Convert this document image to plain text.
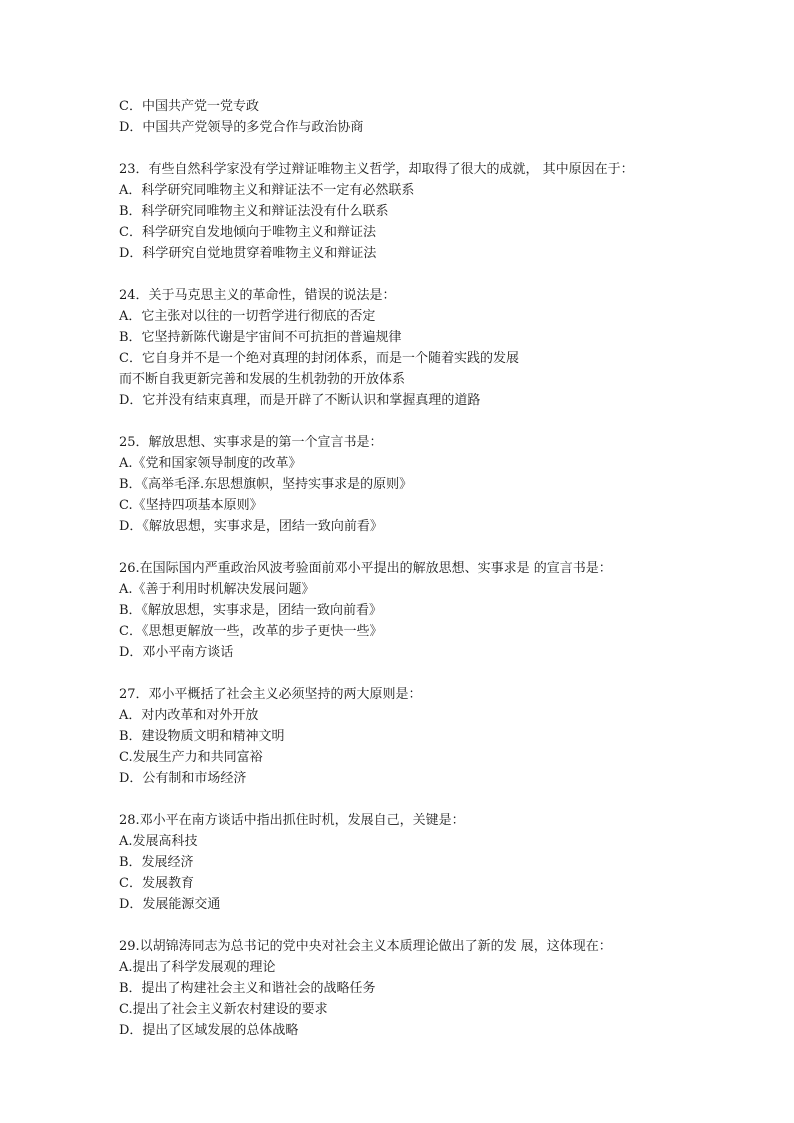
C．中国共产党一党专政
D．中国共产党领导的多党合作与政治协商
23．有些自然科学家没有学过辩证唯物主义哲学，却取得了很大的成就， 其中原因在于：
A．科学研究同唯物主义和辩证法不一定有必然联系
B．科学研究同唯物主义和辩证法没有什么联系
C．科学研究自发地倾向于唯物主义和辩证法
D．科学研究自觉地贯穿着唯物主义和辩证法
24．关于马克思主义的革命性，错误的说法是：
A．它主张对以往的一切哲学进行彻底的否定
B．它坚持新陈代谢是宇宙间不可抗拒的普遍规律
C．它自身并不是一个绝对真理的封闭体系，而是一个随着实践的发展
而不断自我更新完善和发展的生机勃勃的开放体系
D．它并没有结束真理，而是开辟了不断认识和掌握真理的道路
25．解放思想、实事求是的第一个宣言书是：
A.《党和国家领导制度的改革》
B．《高举毛泽.东思想旗帜，坚持实事求是的原则》
C.《坚持四项基本原则》
D．《解放思想，实事求是，团结一致向前看》
26.在国际国内严重政治风波考验面前邓小平提出的解放思想、实事求是 的宣言书是：
A.《善于利用时机解决发展问题》
B．《解放思想，实事求是，团结一致向前看》
C．《思想更解放一些，改革的步子更快一些》
D．邓小平南方谈话
27．邓小平概括了社会主义必须坚持的两大原则是：
A．对内改革和对外开放
B．建设物质文明和精神文明
C.发展生产力和共同富裕
D．公有制和市场经济
28.邓小平在南方谈话中指出抓住时机，发展自己，关键是：
A.发展高科技
B．发展经济
C．发展教育
D．发展能源交通
29.以胡锦涛同志为总书记的党中央对社会主义本质理论做出了新的发 展，这体现在：
A.提出了科学发展观的理论
B．提出了构建社会主义和谐社会的战略任务
C.提出了社会主义新农村建设的要求
D．提出了区域发展的总体战略
